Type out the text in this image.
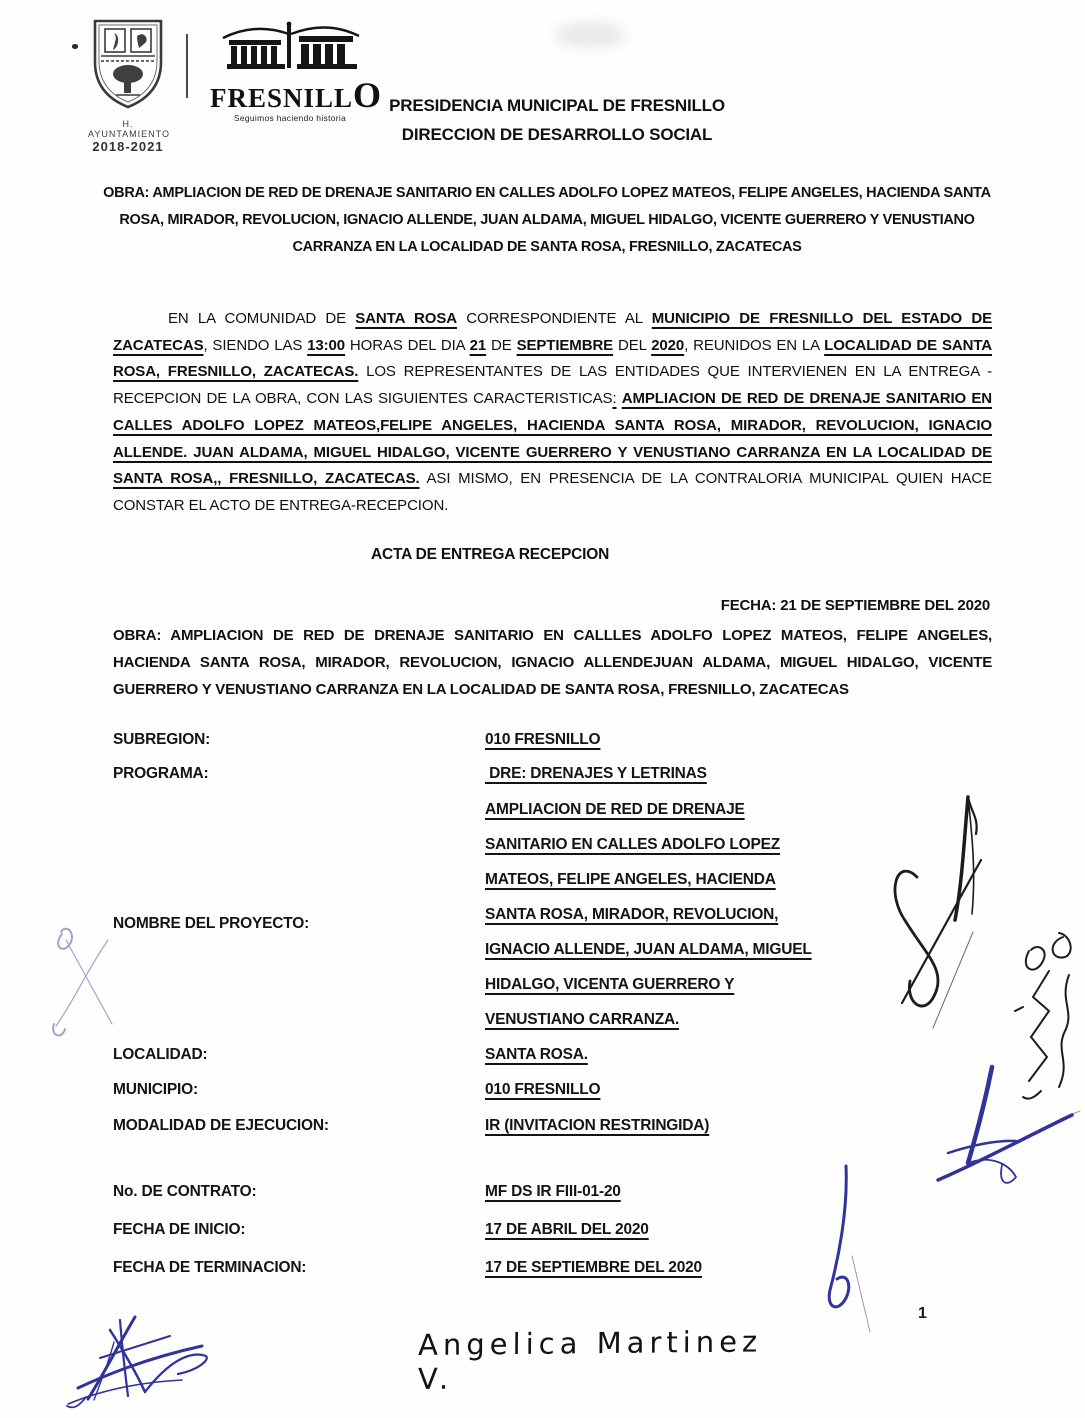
H. AYUNTAMIENTO
2018-2021
FRESNILLO
Seguimos haciendo historia
PRESIDENCIA MUNICIPAL DE FRESNILLO
DIRECCION DE DESARROLLO SOCIAL
OBRA: AMPLIACION DE RED DE DRENAJE SANITARIO EN CALLES ADOLFO LOPEZ MATEOS, FELIPE ANGELES, HACIENDA SANTA ROSA, MIRADOR, REVOLUCION, IGNACIO ALLENDE, JUAN ALDAMA, MIGUEL HIDALGO, VICENTE GUERRERO Y VENUSTIANO CARRANZA EN LA LOCALIDAD DE SANTA ROSA, FRESNILLO, ZACATECAS
EN LA COMUNIDAD DE SANTA ROSA CORRESPONDIENTE AL MUNICIPIO DE FRESNILLO DEL ESTADO DE ZACATECAS, SIENDO LAS 13:00 HORAS DEL DIA 21 DE SEPTIEMBRE DEL 2020, REUNIDOS EN LA LOCALIDAD DE SANTA ROSA, FRESNILLO, ZACATECAS. LOS REPRESENTANTES DE LAS ENTIDADES QUE INTERVIENEN EN LA ENTREGA - RECEPCION DE LA OBRA, CON LAS SIGUIENTES CARACTERISTICAS: AMPLIACION DE RED DE DRENAJE SANITARIO EN CALLES ADOLFO LOPEZ MATEOS,FELIPE ANGELES, HACIENDA SANTA ROSA, MIRADOR, REVOLUCION, IGNACIO ALLENDE. JUAN ALDAMA, MIGUEL HIDALGO, VICENTE GUERRERO Y VENUSTIANO CARRANZA EN LA LOCALIDAD DE SANTA ROSA,, FRESNILLO, ZACATECAS. ASI MISMO, EN PRESENCIA DE LA CONTRALORIA MUNICIPAL QUIEN HACE CONSTAR EL ACTO DE ENTREGA-RECEPCION.
ACTA DE ENTREGA RECEPCION
FECHA: 21 DE SEPTIEMBRE DEL 2020
OBRA: AMPLIACION DE RED DE DRENAJE SANITARIO EN CALLLES ADOLFO LOPEZ MATEOS, FELIPE ANGELES, HACIENDA SANTA ROSA, MIRADOR, REVOLUCION, IGNACIO ALLENDEJUAN ALDAMA, MIGUEL HIDALGO, VICENTE GUERRERO Y VENUSTIANO CARRANZA EN LA LOCALIDAD DE SANTA ROSA, FRESNILLO, ZACATECAS
SUBREGION:	010 FRESNILLO
PROGRAMA:	DRE: DRENAJES Y LETRINAS
NOMBRE DEL PROYECTO:
AMPLIACION DE RED DE DRENAJE
SANITARIO EN CALLES ADOLFO LOPEZ
MATEOS, FELIPE ANGELES, HACIENDA
SANTA ROSA, MIRADOR, REVOLUCION,
IGNACIO ALLENDE, JUAN ALDAMA, MIGUEL
HIDALGO, VICENTA GUERRERO Y
VENUSTIANO CARRANZA.
LOCALIDAD:	SANTA ROSA.
MUNICIPIO:	010 FRESNILLO
MODALIDAD DE EJECUCION:	IR (INVITACION RESTRINGIDA)
No. DE CONTRATO:	MF DS IR FIII-01-20
FECHA DE INICIO:	17 DE ABRIL DEL 2020
FECHA DE TERMINACION:	17 DE SEPTIEMBRE DEL 2020
Angelica Martinez V.
1
